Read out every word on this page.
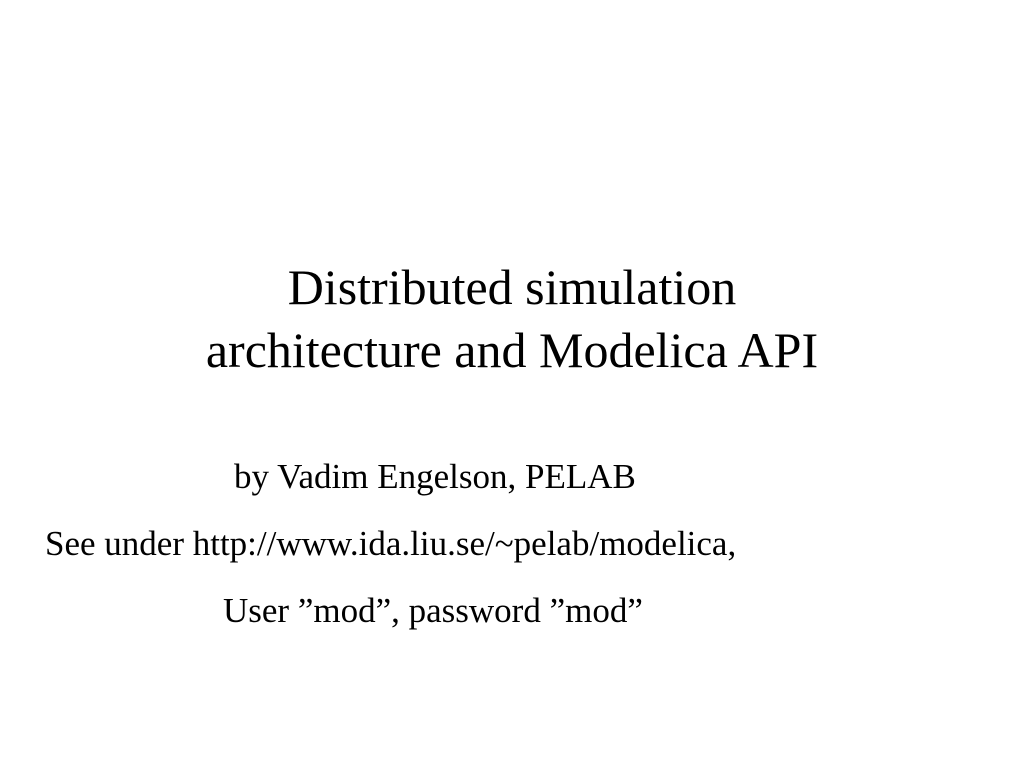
Distributed simulation
architecture and Modelica API
by Vadim Engelson, PELAB
See under http://www.ida.liu.se/~pelab/modelica,
User ”mod”, password ”mod”
